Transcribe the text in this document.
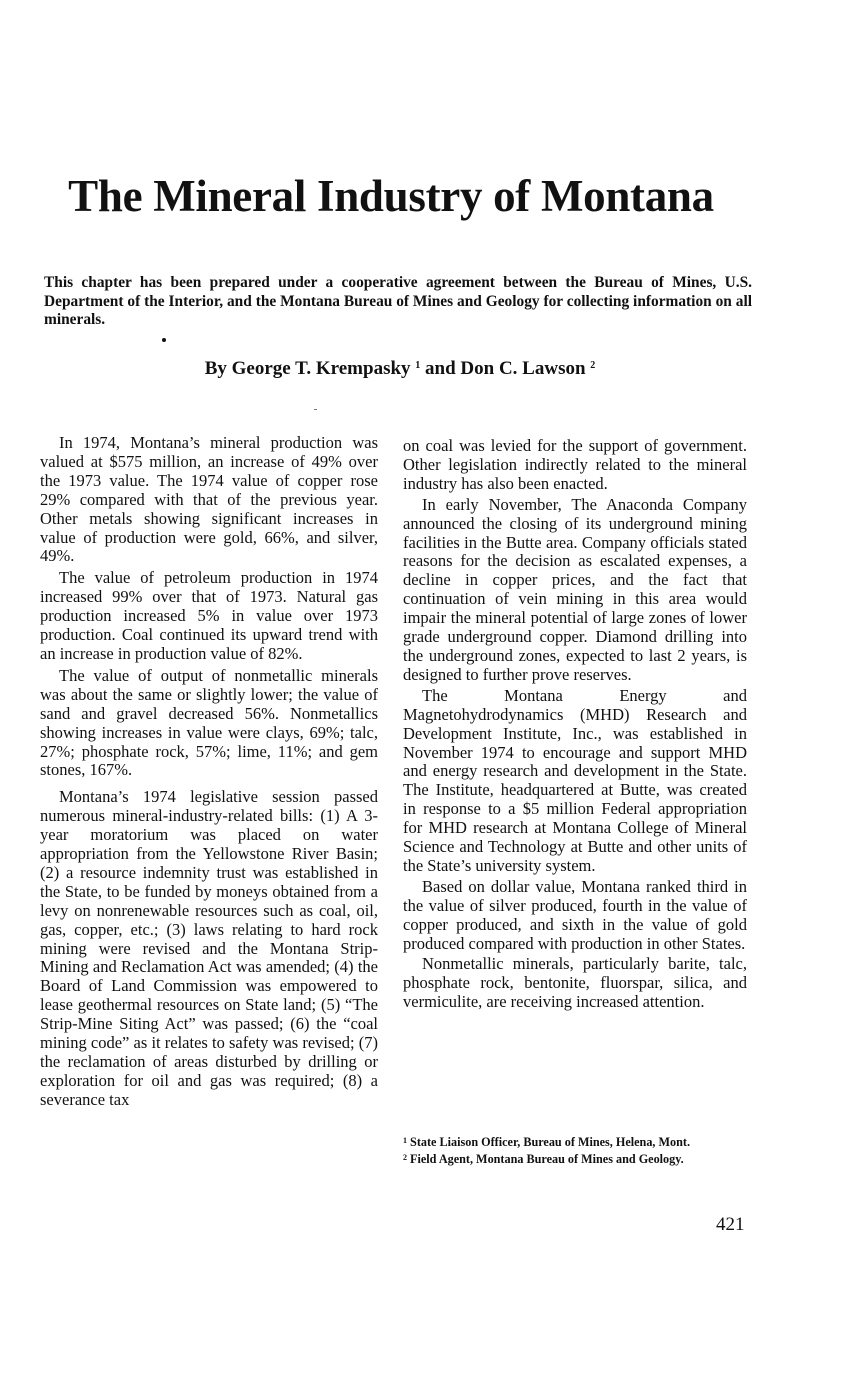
The Mineral Industry of Montana

This chapter has been prepared under a cooperative agreement between the Bureau of Mines, U.S. Department of the Interior, and the Montana Bureau of Mines and Geology for collecting information on all minerals.

By George T. Krempasky $^1$ and Don C. Lawson $^2$

In 1974, Montana’s mineral production was valued at $575 million, an increase of 49% over the 1973 value. The 1974 value of copper rose 29% compared with that of the previous year. Other metals showing significant increases in value of production were gold, 66%, and silver, 49%.

The value of petroleum production in 1974 increased 99% over that of 1973. Natural gas production increased 5% in value over 1973 production. Coal continued its upward trend with an increase in production value of 82%.

The value of output of nonmetallic minerals was about the same or slightly lower; the value of sand and gravel decreased 56%. Nonmetallics showing increases in value were clays, 69%; talc, 27%; phosphate rock, 57%; lime, 11%; and gem stones, 167%.

Montana’s 1974 legislative session passed numerous mineral-industry-related bills: (1) A 3-year moratorium was placed on water appropriation from the Yellowstone River Basin; (2) a resource indemnity trust was established in the State, to be funded by moneys obtained from a levy on nonrenewable resources such as coal, oil, gas, copper, etc.; (3) laws relating to hard rock mining were revised and the Montana Strip-Mining and Reclamation Act was amended; (4) the Board of Land Commission was empowered to lease geothermal resources on State land; (5) “The Strip-Mine Siting Act” was passed; (6) the “coal mining code” as it relates to safety was revised; (7) the reclamation of areas disturbed by drilling or exploration for oil and gas was required; (8) a severance tax

on coal was levied for the support of government. Other legislation indirectly related to the mineral industry has also been enacted.

In early November, The Anaconda Company announced the closing of its underground mining facilities in the Butte area. Company officials stated reasons for the decision as escalated expenses, a decline in copper prices, and the fact that continuation of vein mining in this area would impair the mineral potential of large zones of lower grade underground copper. Diamond drilling into the underground zones, expected to last 2 years, is designed to further prove reserves.

The Montana Energy and Magnetohydrodynamics (MHD) Research and Development Institute, Inc., was established in November 1974 to encourage and support MHD and energy research and development in the State. The Institute, headquartered at Butte, was created in response to a $5 million Federal appropriation for MHD research at Montana College of Mineral Science and Technology at Butte and other units of the State’s university system.

Based on dollar value, Montana ranked third in the value of silver produced, fourth in the value of copper produced, and sixth in the value of gold produced compared with production in other States.

Nonmetallic minerals, particularly barite, talc, phosphate rock, bentonite, fluorspar, silica, and vermiculite, are receiving increased attention.

$^1$ State Liaison Officer, Bureau of Mines, Helena, Mont.

$^2$ Field Agent, Montana Bureau of Mines and Geology.

421
